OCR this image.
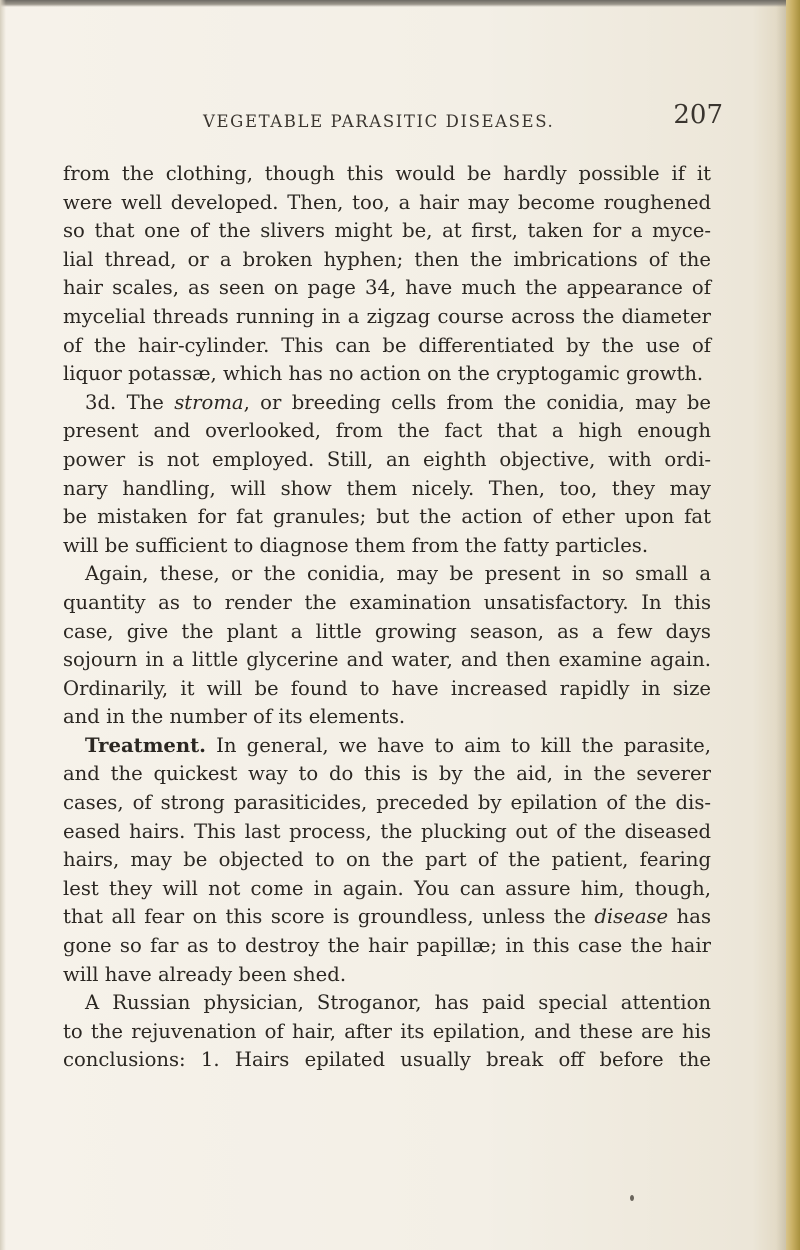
VEGETABLE PARASITIC DISEASES.	207
from the clothing, though this would be hardly possible if it
were well developed. Then, too, a hair may become roughened
so that one of the slivers might be, at first, taken for a myce-
lial thread, or a broken hyphen; then the imbrications of the
hair scales, as seen on page 34, have much the appearance of
mycelial threads running in a zigzag course across the diameter
of the hair-cylinder. This can be differentiated by the use of
liquor potassæ, which has no action on the cryptogamic growth.
3d. The stroma, or breeding cells from the conidia, may be
present and overlooked, from the fact that a high enough
power is not employed. Still, an eighth objective, with ordi-
nary handling, will show them nicely. Then, too, they may
be mistaken for fat granules; but the action of ether upon fat
will be sufficient to diagnose them from the fatty particles.
Again, these, or the conidia, may be present in so small a
quantity as to render the examination unsatisfactory. In this
case, give the plant a little growing season, as a few days
sojourn in a little glycerine and water, and then examine again.
Ordinarily, it will be found to have increased rapidly in size
and in the number of its elements.
Treatment. In general, we have to aim to kill the parasite,
and the quickest way to do this is by the aid, in the severer
cases, of strong parasiticides, preceded by epilation of the dis-
eased hairs. This last process, the plucking out of the diseased
hairs, may be objected to on the part of the patient, fearing
lest they will not come in again. You can assure him, though,
that all fear on this score is groundless, unless the disease has
gone so far as to destroy the hair papillæ; in this case the hair
will have already been shed.
A Russian physician, Stroganor, has paid special attention
to the rejuvenation of hair, after its epilation, and these are his
conclusions: 1. Hairs epilated usually break off before the
